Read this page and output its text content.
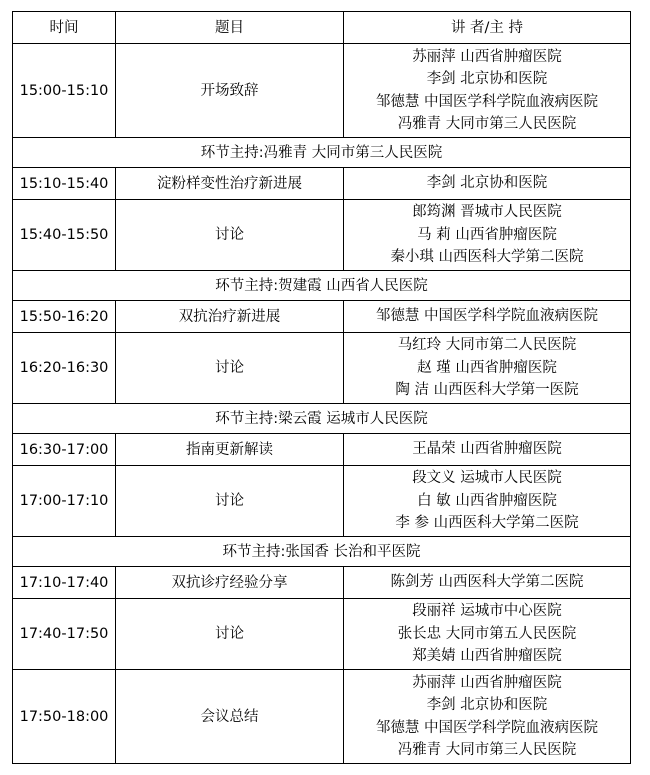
时间	题目	讲 者/主 持
15:00-15:10	开场致辞	苏丽萍 山西省肿瘤医院
李剑 北京协和医院
邹德慧 中国医学科学院血液病医院
冯雅青 大同市第三人民医院

环节主持:冯雅青 大同市第三人民医院		
15:10-15:40	淀粉样变性治疗新进展	李剑 北京协和医院

15:40-15:50	讨论	郎筠渊 晋城市人民医院
马 莉 山西省肿瘤医院
秦小琪 山西医科大学第二医院

环节主持:贺建霞 山西省人民医院		
15:50-16:20	双抗治疗新进展	邹德慧 中国医学科学院血液病医院

16:20-16:30	讨论	马红玲 大同市第二人民医院
赵 瑾 山西省肿瘤医院
陶 洁 山西医科大学第一医院

环节主持:梁云霞 运城市人民医院		
16:30-17:00	指南更新解读	王晶荣 山西省肿瘤医院

17:00-17:10	讨论	段文义 运城市人民医院
白 敏 山西省肿瘤医院
李 参 山西医科大学第二医院

环节主持:张国香 长治和平医院		
17:10-17:40	双抗诊疗经验分享	陈剑芳 山西医科大学第二医院

17:40-17:50	讨论	段丽祥 运城市中心医院
张长忠 大同市第五人民医院
郑美婧 山西省肿瘤医院

17:50-18:00	会议总结	苏丽萍 山西省肿瘤医院
李剑 北京协和医院
邹德慧 中国医学科学院血液病医院
冯雅青 大同市第三人民医院
